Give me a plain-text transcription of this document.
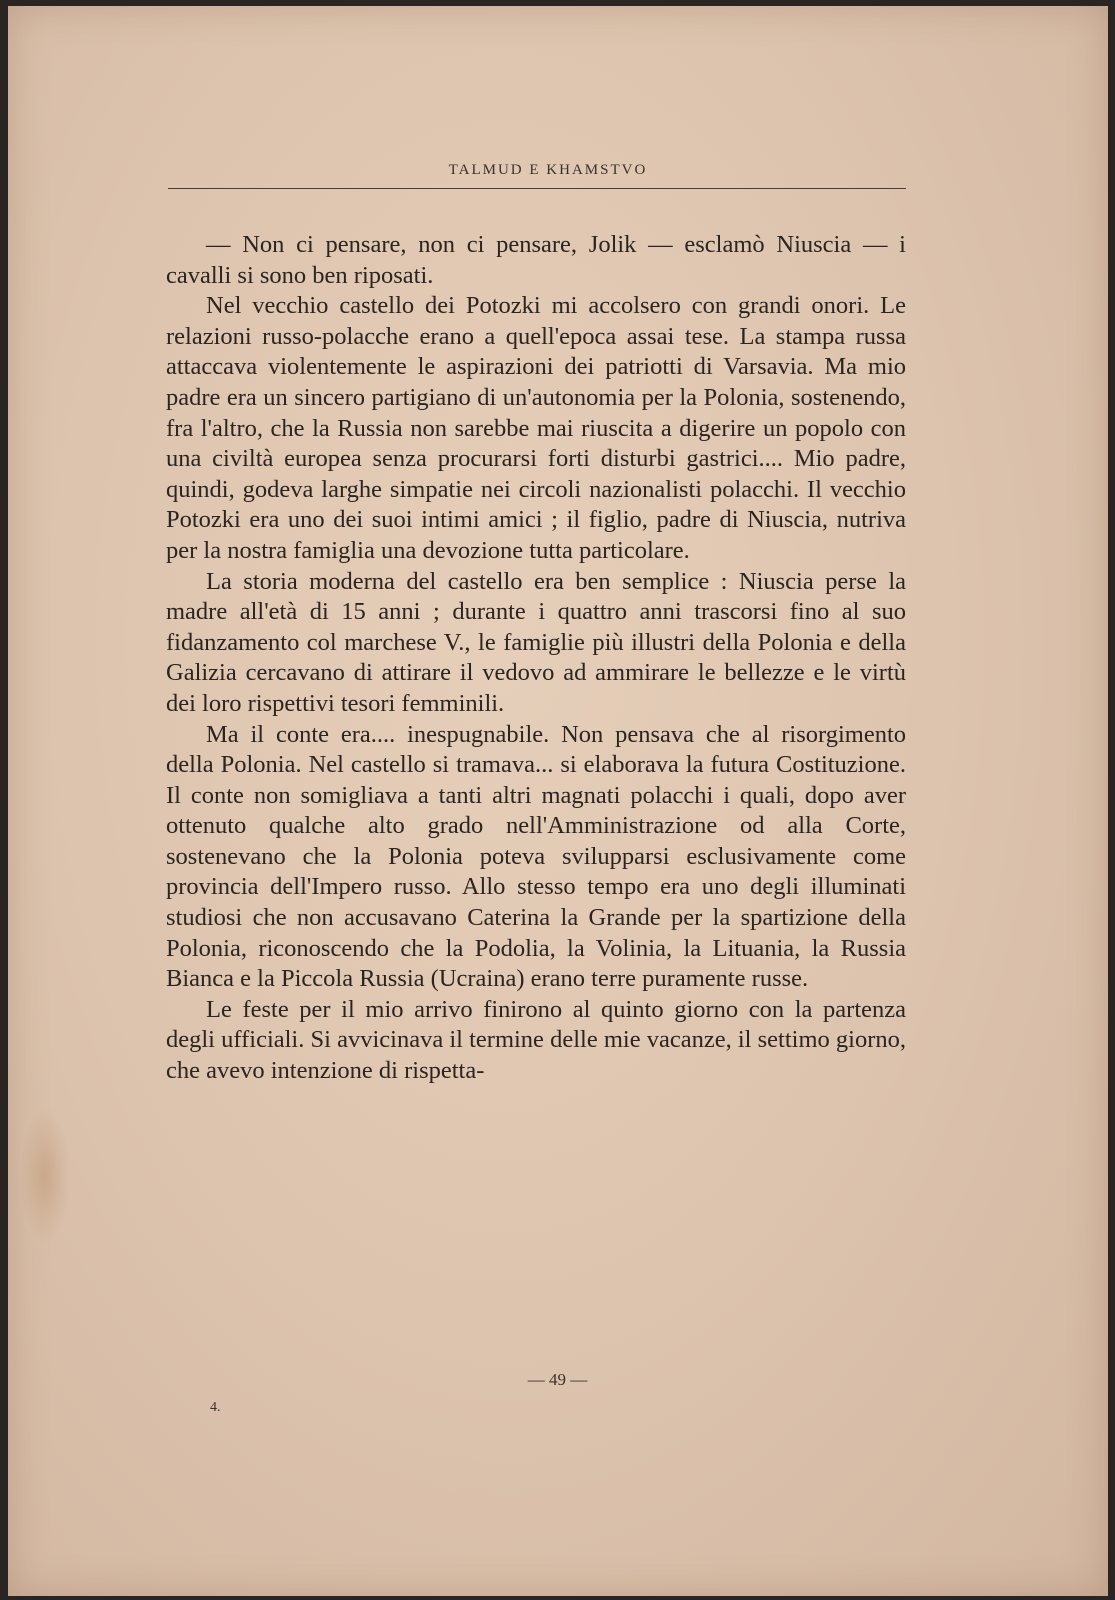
TALMUD E KHAMSTVO

— Non ci pensare, non ci pensare, Jolik — esclamò Niuscia — i cavalli si sono ben riposati.

Nel vecchio castello dei Potozki mi accolsero con grandi onori. Le relazioni russo-polacche erano a quell'epoca assai tese. La stampa russa attaccava violentemente le aspirazioni dei patriotti di Varsavia. Ma mio padre era un sincero partigiano di un'autonomia per la Polonia, sostenendo, fra l'altro, che la Russia non sarebbe mai riuscita a digerire un popolo con una civiltà europea senza procurarsi forti disturbi gastrici.... Mio padre, quindi, godeva larghe simpatie nei circoli nazionalisti polacchi. Il vecchio Potozki era uno dei suoi intimi amici ; il figlio, padre di Niuscia, nutriva per la nostra famiglia una devozione tutta particolare.

La storia moderna del castello era ben semplice : Niuscia perse la madre all'età di 15 anni ; durante i quattro anni trascorsi fino al suo fidanzamento col marchese V., le famiglie più illustri della Polonia e della Galizia cercavano di attirare il vedovo ad ammirare le bellezze e le virtù dei loro rispettivi tesori femminili.

Ma il conte era.... inespugnabile. Non pensava che al risorgimento della Polonia. Nel castello si tramava... si elaborava la futura Costituzione. Il conte non somigliava a tanti altri magnati polacchi i quali, dopo aver ottenuto qualche alto grado nell'Amministrazione od alla Corte, sostenevano che la Polonia poteva svilupparsi esclusivamente come provincia dell'Impero russo. Allo stesso tempo era uno degli illuminati studiosi che non accusavano Caterina la Grande per la spartizione della Polonia, riconoscendo che la Podolia, la Volinia, la Lituania, la Russia Bianca e la Piccola Russia (Ucraina) erano terre puramente russe.

Le feste per il mio arrivo finirono al quinto giorno con la partenza degli ufficiali. Si avvicinava il termine delle mie vacanze, il settimo giorno, che avevo intenzione di rispetta-

— 49 —
4.
